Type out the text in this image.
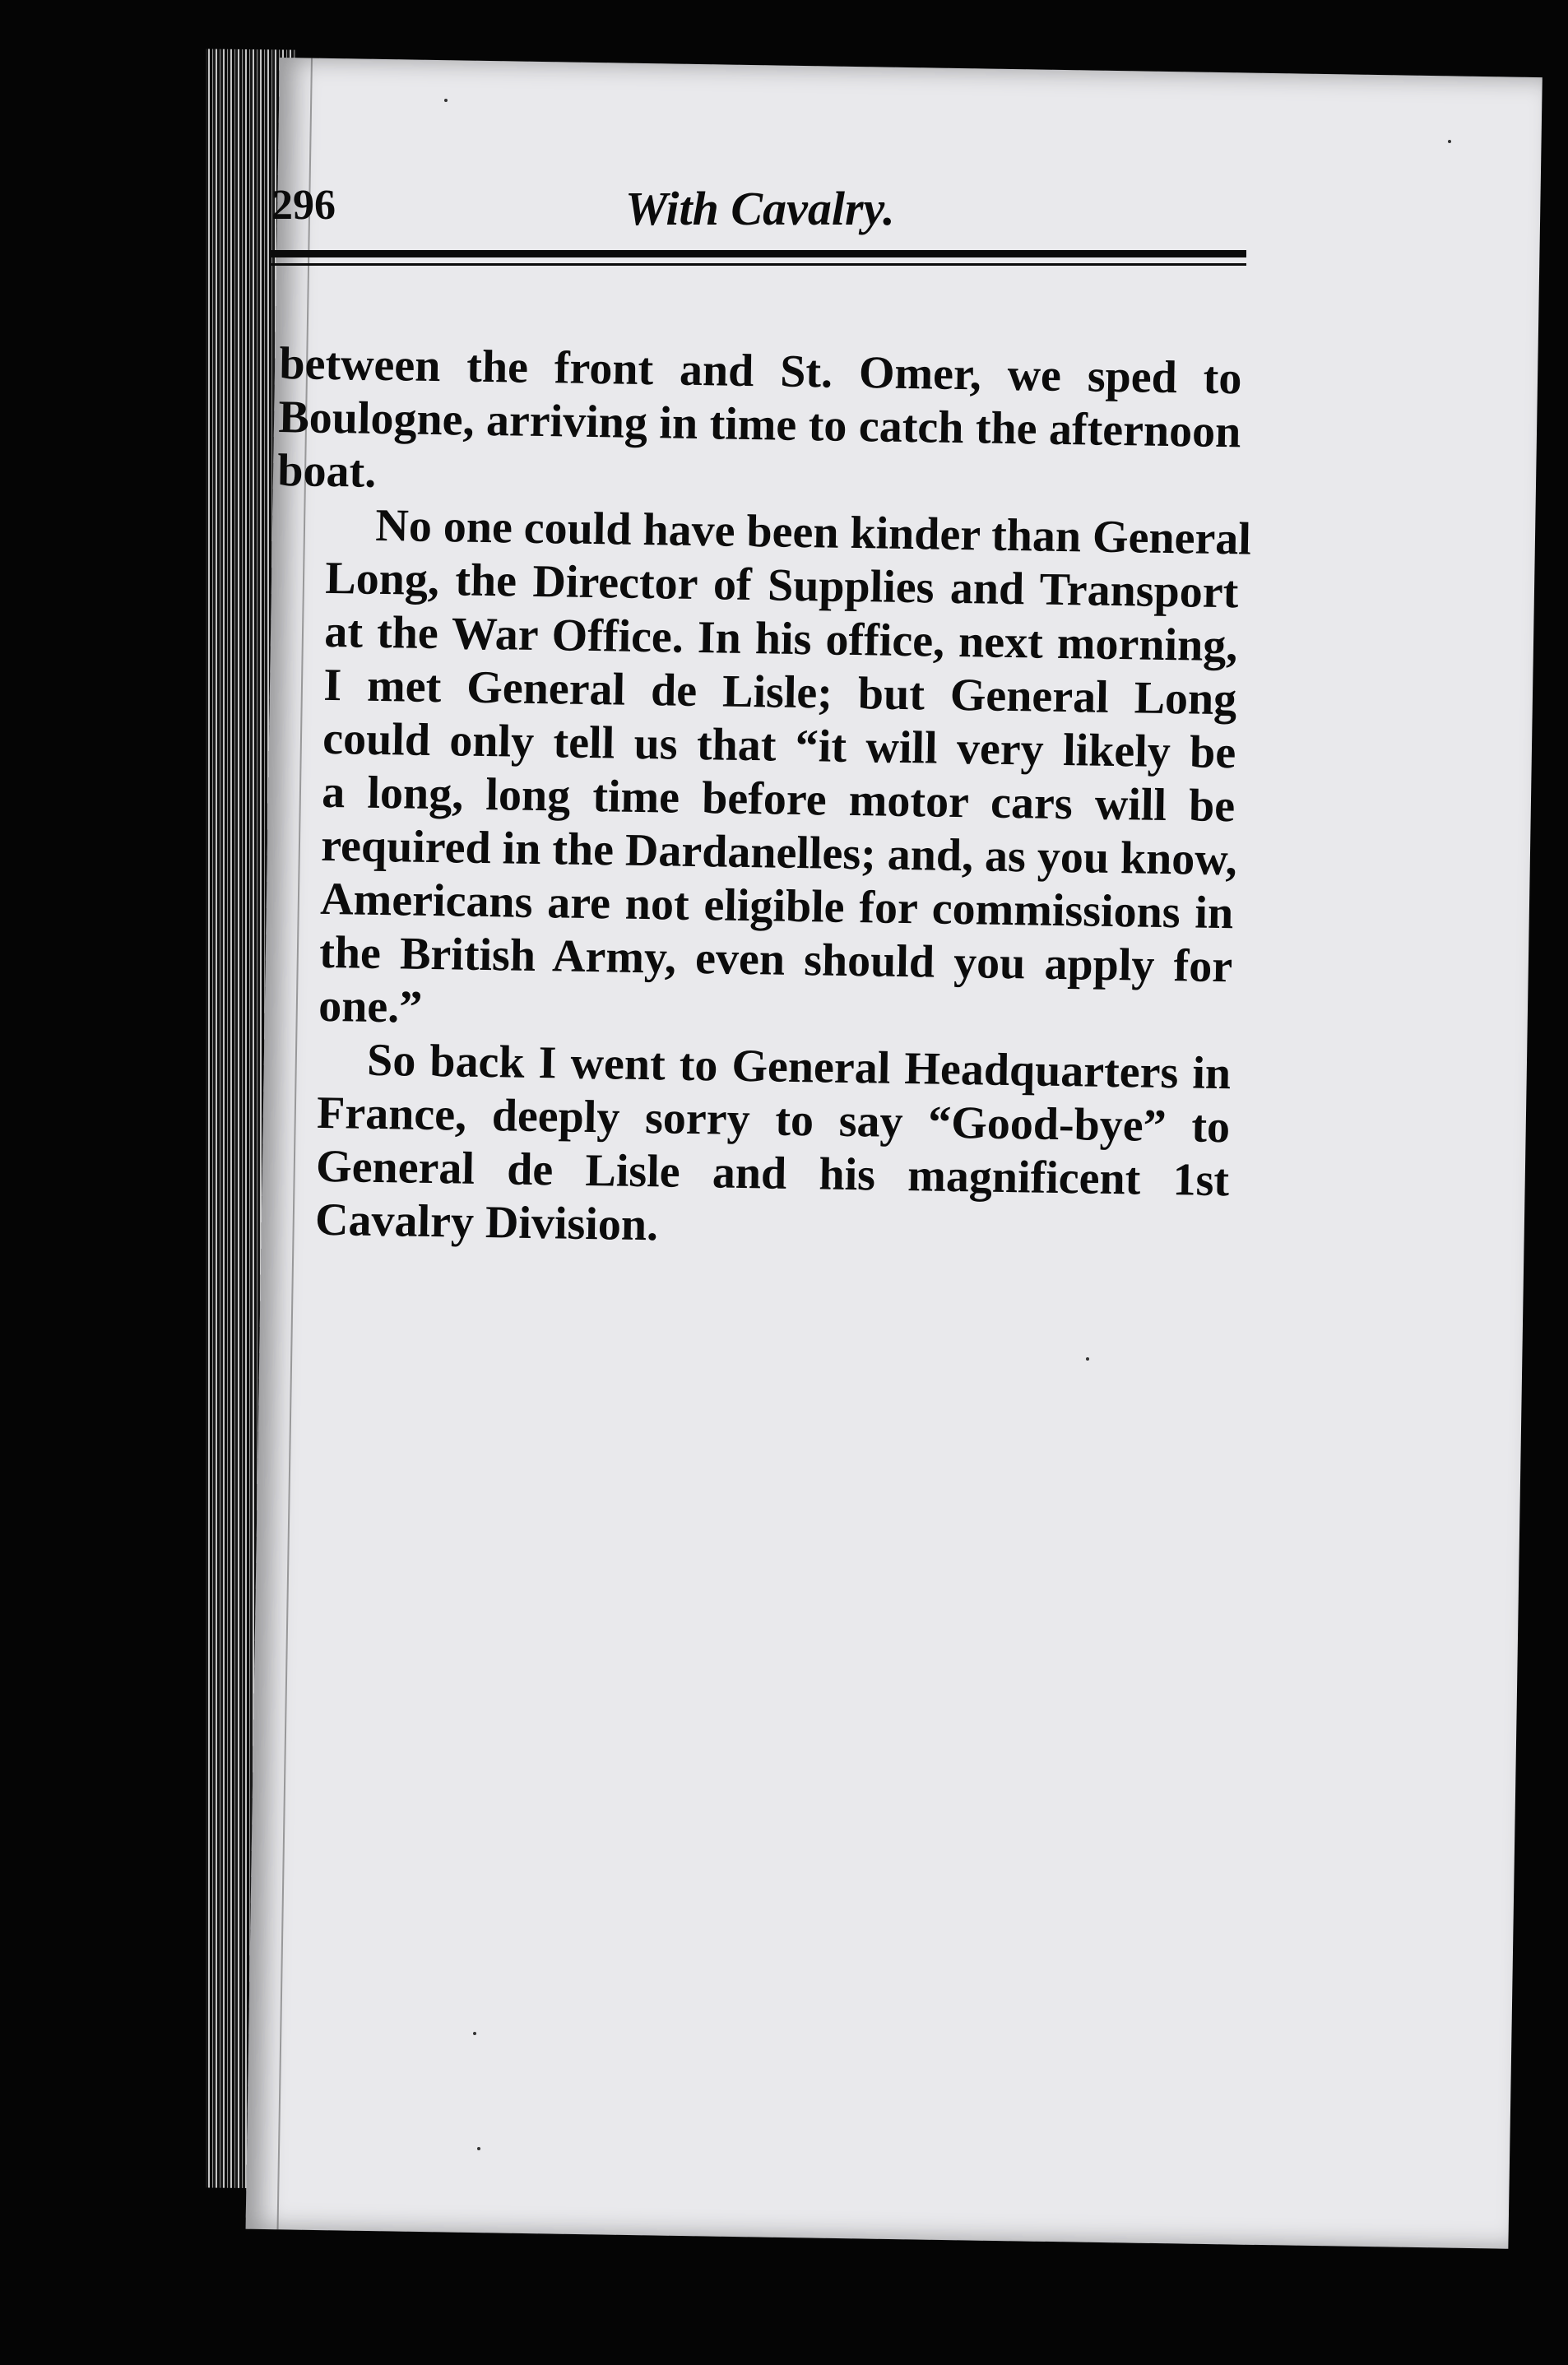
296	With Cavalry.
between the front and St. Omer, we sped to
Boulogne, arriving in time to catch the afternoon
boat.
No one could have been kinder than General
Long, the Director of Supplies and Transport
at the War Office. In his office, next morning,
I met General de Lisle; but General Long
could only tell us that “it will very likely be
a long, long time before motor cars will be
required in the Dardanelles; and, as you know,
Americans are not eligible for commissions in
the British Army, even should you apply for
one.”
So back I went to General Headquarters in
France, deeply sorry to say “Good-bye” to
General de Lisle and his magnificent 1st
Cavalry Division.
